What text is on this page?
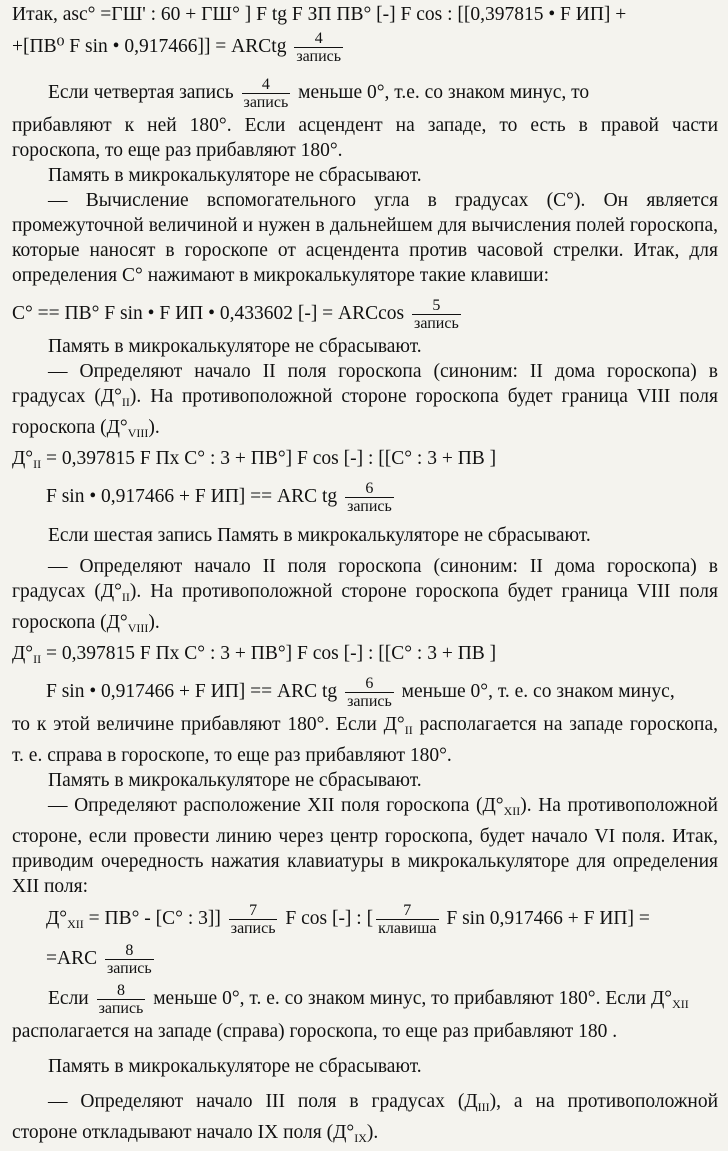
Итак, asc° =ГШ' : 60 + ГШ° ] F tg F ЗП ПВ° [-] F cos : [[0,397815 • F ИП] +
+[ПВ⁰ F sin • 0,917466]] = ARCtg $\frac{4}{\text{запись}}$
Если четвертая запись $\frac{4}{\text{запись}}$ меньше 0°, т.е. со знаком минус, то
прибавляют к ней 180°. Если асцендент на западе, то есть в правой части
гороскопа, то еще раз прибавляют 180°.
Память в микрокалькуляторе не сбрасывают.
— Вычисление вспомогательного угла в градусах (С°). Он является
промежуточной величиной и нужен в дальнейшем для вычисления полей гороскопа,
которые наносят в гороскопе от асцендента против часовой стрелки. Итак, для
определения С° нажимают в микрокалькуляторе такие клавиши:
С° == ПВ° F sin • F ИП • 0,433602 [-] = ARCcos $\frac{5}{\text{запись}}$
Память в микрокалькуляторе не сбрасывают.
— Определяют начало II поля гороскопа (синоним: II дома гороскопа) в
градусах $(Д^\circ_{II})$. На противоположной стороне гороскопа будет граница VIII поля
гороскопа $(Д^\circ_{VIII})$.
$Д^\circ_{II} = 0,397815$ F Пх С° : 3 + ПВ°] F cos [-] : [[С° : 3 + ПВ ]
F sin • 0,917466 + F ИП] == ARC tg $\frac{6}{\text{запись}}$
Если шестая запись Память в микрокалькуляторе не сбрасывают.
— Определяют начало II поля гороскопа (синоним: II дома гороскопа) в
градусах $(Д^\circ_{II})$. На противоположной стороне гороскопа будет граница VIII поля
гороскопа $(Д^\circ_{VIII})$.
$Д^\circ_{II} = 0,397815$ F Пх С° : 3 + ПВ°] F cos [-] : [[С° : 3 + ПВ ]
F sin • 0,917466 + F ИП] == ARC tg $\frac{6}{\text{запись}}$ меньше 0°, т. е. со знаком минус,
то к этой величине прибавляют 180°. Если $Д^\circ_{II}$ располагается на западе гороскопа,
т. е. справа в гороскопе, то еще раз прибавляют 180°.
Память в микрокалькуляторе не сбрасывают.
— Определяют расположение XII поля гороскопа $(Д^\circ_{XII})$. На противоположной
стороне, если провести линию через центр гороскопа, будет начало VI поля. Итак,
приводим очередность нажатия клавиатуры в микрокалькуляторе для определения
XII поля:
$Д^\circ_{XII} = ПВ^\circ - [С^\circ$ : $3]] \frac{7}{\text{запись}}$ F cos [-] : [ $\frac{7}{\text{клавиша}}$ F sin 0,917466 + F ИП] =
$=ARC \frac{8}{\text{запись}}$
Если $\frac{8}{\text{запись}}$ меньше 0°, т. е. со знаком минус, то прибавляют 180°. Если $Д^\circ_{XII}$
располагается на западе (справа) гороскопа, то еще раз прибавляют 180 .
Память в микрокалькуляторе не сбрасывают.
— Определяют начало III поля в градусах $(Д_{III})$, а на противоположной
стороне откладывают начало IX поля $(Д^\circ_{IX})$.
